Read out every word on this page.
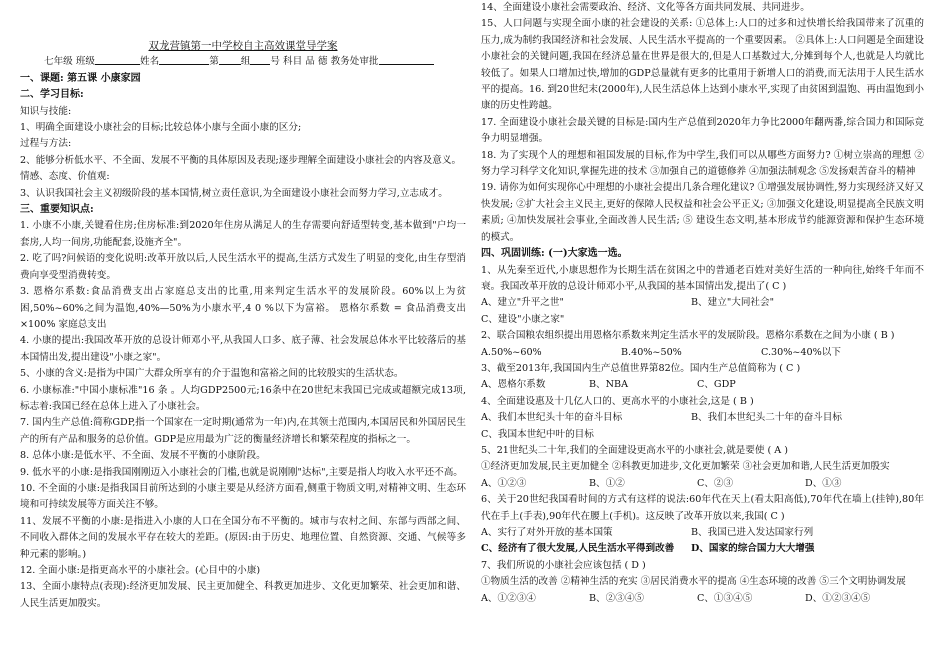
双龙营镇第一中学校自主高效课堂导学案
七年级 班级	姓名	第 组 号 科目 品 德 教务处审批
一、课题: 第五课 小康家园
二、学习目标:
知识与技能:
1、明确全面建设小康社会的目标;比较总体小康与全面小康的区分;
过程与方法:
2、能够分析低水平、不全面、发展不平衡的具体原因及表现;逐步理解全面建设小康社会的内容及意义。
情感、态度、价值观:
3、认识我国社会主义初级阶段的基本国情,树立责任意识,为全面建设小康社会而努力学习,立志成才。
三、重要知识点:
1. 小康不小康,关键看住房;住房标准:到2020年住房从满足人的生存需要向舒适型转变,基本做到"户均一套房,人均一间房,功能配套,设施齐全"。
2. 吃了吗?问候语的变化说明:改革开放以后,人民生活水平的提高,生活方式发生了明显的变化,由生存型消费向享受型消费转变。
3. 恩格尔系数:食品消费支出占家庭总支出的比重,用来判定生活水平的发展阶段。60%以上为贫困,50%~60%之间为温饱,40%—50%为小康水平,4 0 %以下为富裕。 恩格尔系数 = 食品消费支出 ×100% 家庭总支出
4. 小康的提出:我国改革开放的总设计师邓小平,从我国人口多、底子薄、社会发展总体水平比较落后的基本国情出发,提出建设"小康之家"。
5、小康的含义:是指为中国广大群众所享有的介于温饱和富裕之间的比较殷实的生活状态。
6. 小康标准:"中国小康标准"16 条 。人均GDP2500元;16条中在20世纪末我国已完成或超额完成13项,标志着:我国已经在总体上进入了小康社会。
7. 国内生产总值:简称GDP,指一个国家在一定时期(通常为一年)内,在其领土范围内,本国居民和外国居民生产的所有产品和服务的总价值。GDP是应用最为广泛的衡量经济增长和繁荣程度的指标之一。
8. 总体小康:是低水平、不全面、发展不平衡的小康阶段。
9. 低水平的小康:是指我国刚刚迈入小康社会的门槛,也就是说刚刚"达标",主要是指人均收入水平还不高。
10. 不全面的小康:是指我国目前所达到的小康主要是从经济方面看,侧重于物质文明,对精神文明、生态环境和可持续发展等方面关注不够。
11、发展不平衡的小康:是指进入小康的人口在全国分布不平衡的。城市与农村之间、东部与西部之间、不同收入群体之间的发展水平存在较大的差距。(原因:由于历史、地理位置、自然资源、交通、气候等多种元素的影响。)
12. 全面小康:是指更高水平的小康社会。(心目中的小康)
13、全面小康特点(表现):经济更加发展、民主更加健全、科教更加进步、文化更加繁荣、社会更加和谐、人民生活更加殷实。
14、全面建设小康社会需要政治、经济、文化等各方面共同发展、共同进步。
15、人口问题与实现全面小康的社会建设的关系: ①总体上:人口的过多和过快增长给我国带来了沉重的压力,成为制约我国经济和社会发展、人民生活水平提高的一个重要因素。 ②具体上:人口问题是全面建设小康社会的关键问题,我国在经济总量在世界是很大的,但是人口基数过大,分摊到每个人,也就是人均就比较低了。如果人口增加过快,增加的GDP总量就有更多的比重用于新增人口的消费,而无法用于人民生活水平的提高。16. 到20世纪末(2000年),人民生活总体上达到小康水平,实现了由贫困到温饱、再由温饱到小康的历史性跨越。
17. 全面建设小康社会最关键的目标是:国内生产总值到2020年力争比2000年翻两番,综合国力和国际竞争力明显增强。
18. 为了实现个人的理想和祖国发展的目标,作为中学生,我们可以从哪些方面努力? ①树立崇高的理想 ②努力学习科学文化知识,掌握先进的技术 ③加强自己的道德修养 ④加强法制观念 ⑤发扬艰苦奋斗的精神
19. 请你为如何实现你心中理想的小康社会提出几条合理化建议? ①增强发展协调性,努力实现经济又好又快发展; ②扩大社会主义民主,更好的保障人民权益和社会公平正义; ③加强文化建设,明显提高全民族文明素质; ④加快发展社会事业,全面改善人民生活; ⑤ 建设生态文明,基本形成节约能源资源和保护生态环境的模式。
四、巩固训练: (一)大家选一选。
1、从先秦至近代,小康思想作为长期生活在贫困之中的普通老百姓对美好生活的一种向往,始终千年而不衰。我国改革开放的总设计师邓小平,从我国的基本国情出发,提出了( C )
A、建立"升平之世"	B、建立"大同社会"C、建设"小康之家"
2、联合国粮农组织提出用恩格尔系数来判定生活水平的发展阶段。恩格尔系数在之间为小康 ( B )
A.50%~60%	B.40%~50%	C.30%~40%以下
3、截至2013年,我国国内生产总值世界第82位。国内生产总值简称为 ( C )
A、恩格尔系数	B、NBA	C、GDP
4、全面建设惠及十几亿人口的、更高水平的小康社会,这是 ( B )
A、我们本世纪头十年的奋斗目标	B、我们本世纪头二十年的奋斗目标
C、我国本世纪中叶的目标
5、21世纪头二十年,我们的全面建设更高水平的小康社会,就是要使 ( A )
①经济更加发展,民主更加健全 ②科教更加进步,文化更加繁荣 ③社会更加和谐,人民生活更加殷实
A、①②③	B、①②	C、②③	D、①③
6、关于20世纪我国看时间的方式有这样的说法:60年代在天上(看太阳高低),70年代在墙上(挂钟),80年代在手上(手表),90年代在腰上(手机)。这反映了改革开放以来,我国( C )
A、实行了对外开放的基本国策	B、我国已进入发达国家行列
C、经济有了很大发展,人民生活水平得到改善 D、国家的综合国力大大增强
7、我们所说的小康社会应该包括 ( D )
①物质生活的改善 ②精神生活的充实 ③居民消费水平的提高 ④生态环境的改善 ⑤三个文明协调发展
A、①②③④	B、②③④⑤	C、①③④⑤	D、①②③④⑤
